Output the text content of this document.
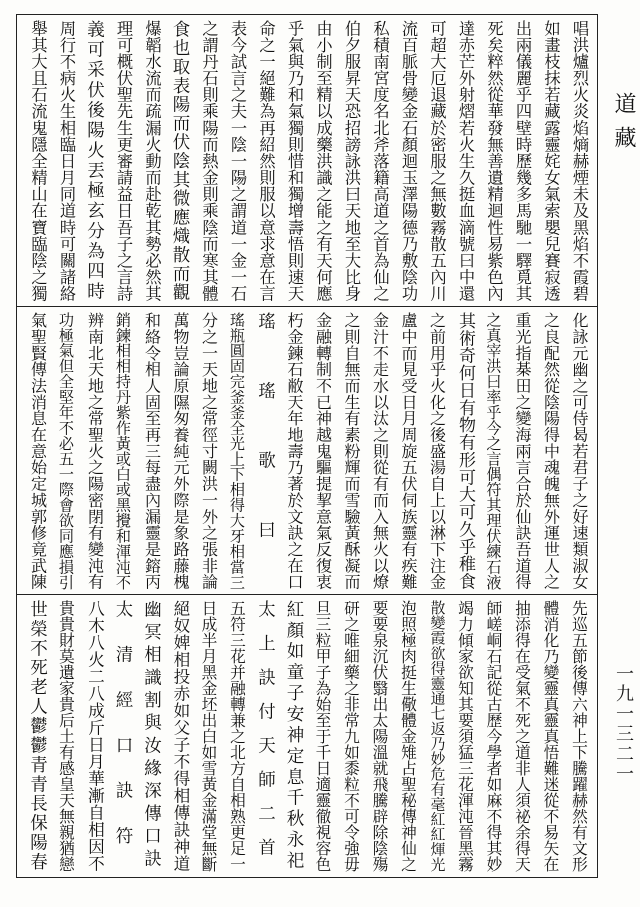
道藏
一九一三二一
唱洪爐烈火炎焰熵赫煙未及黑焰不霞碧
如畫枝抹若藏露靈姹女氣索嬰兒賽寂透
出兩儀麗乎四壁時歷幾多馬馳一驛覓其
死矣粹然從華發無善遺精迴性易紫色內
達赤芒外射熠若火生久挺血滴號曰中還
可超大厄退藏於密服之無數霧散五內川
流百脈骨變金石顏迴玉澤陽德乃敷陰功
私積南宮度名北斧落籍高道之首為仙之
伯夕服昇天恐招謗詠洪曰天地至大比身
由小制至精以成藥洪識之能之有天何應
乎氣與乃和氣獨則惜和獨增壽悟則速天
命之一絕難為再紹然則服以意求意在言
表今試言之夫一陰一陽之謂道一金一石
之謂丹石則乘陽而熱金則乘陰而寒其體
食也取表陽而伏陰其微應熾散而觀
爆韜水流而疏漏火動而赴乾其勢必然其
理可概伏聖先生更審請益日吾子之言詩
義可采伏後陽火丟極玄分為四時
周行不病火生相臨日月同道時可關諸絡
舉其大且石流鬼隱全精山在寶臨陰之獨
化詠元幽之可侍曷若君子之好速類淑女
之良配然從陰陽得中魂魄無外運世人之
重光指棊田之變海兩言合於仙訣吾道得
之真宰洪曰率乎今之言偶符其理伏練石液
其術奇何日有物有形可大可久乎稚食
之前用乎火化之後盛湯自上以淋下注金
盧中而見受日月周旋五伏伺族靈有疾難
金汁不走水以汰之則從有而入無火以燎
之則自無而生有素粉輝而雪驗黃酥凝而
金融轉制不已神越鬼驅提挈意氣反復衷
朽金鍊石敝天年地壽乃著於文訣之在口
瑤瑤歌曰
瑤瓶圓固完釜釜全光上下相得大牙相當三
分之一天地之常徑寸闕洪一外之張非論
萬物豈論原隰匆養純元外際是象路藤槐
和絡令相人固至再三每盡內漏靈是鎔丙
銷鍊相相持丹紫作黃或白或黑攪和渾沌不
辨南北天地之常聖火之陽密閉有變沌有
功極氣但全堅年不必五一際會欲同應損引
氣聖賢傳法消息在意始定城郭修竟武陳
先巡五節後傳六神上下騰躍赫然有文形
體消化乃變靈真靈真悟難迷從不易矢在
抽添得在受氣不死之道非人須祕余得天
師嵯峒石記從古歷今學者如麻不得其妙
竭力傾家欲知其要須猛三花渾沌晉黑霧
散變霞欲得靈通七返乃妙危有毫紅紅煇光
泡照極肉挺生儆體金雉占聖秘傳神仙之
要要泉沉伏翳出太陽溫就飛騰辟除陰殤
研之唯細藥之非常九如黍粒不可令強毋
旦三粒甲子為始至于千日適靈徹視容色
紅顏如童子安神定息千秋永祀
太上訣付天師二首
五符三花并融轉兼之北方自相熟更足一
日成半月黑金坯出白如雪黃金滿堂無斷
絕奴婢相投赤如父子不得相傳訣神道
幽冥相識割與汝緣深傳口訣
太清經口訣符
八木八火二八成斤日月華漸自相因不
貴貴財莫遺家貴后土有感皇天無親猶戀
世榮不死老人鬱鬱青青長保陽春
